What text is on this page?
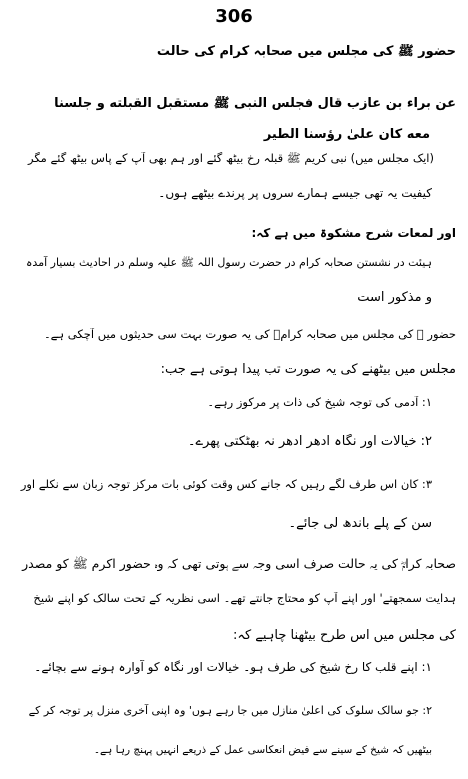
306
حضور ﷺ کی مجلس میں صحابہ کرام کی حالت
عن براء بن عازب قال فجلس النبی ﷺ مستقبل القبلته و جلسنا
معه کان علیٰ رؤسنا الطیر
(ایک مجلس میں) نبی کریم ﷺ قبلہ رخ بیٹھ گئے اور ہم بھی آپ کے پاس بیٹھ گئے مگر
کیفیت یہ تھی جیسے ہمارے سروں پر پرندے بیٹھے ہوں۔
اور لمعات شرح مشکوۃ میں ہے کہ:
ہیئت در نشستن صحابہ کرام در حضرت رسول اللہ ﷺ علیہ وسلم در احادیث بسیار آمدہ
و مذکور است
حضور ﷺ کی مجلس میں صحابہ کرامؓ کی یہ صورت بہت سی حدیثوں میں آچکی ہے۔
مجلس میں بیٹھنے کی یہ صورت تب پیدا ہوتی ہے جب:
۱: آدمی کی توجہ شیخ کی ذات پر مرکوز رہے۔
۲: خیالات اور نگاہ ادھر ادھر نہ بھٹکتی پھرے۔
۳: کان اس طرف لگے رہیں کہ جانے کس وقت کوئی بات مرکز توجہ زبان سے نکلے اور
سن کے پلے باندھ لی جائے۔
صحابہ کرامؓ کی یہ حالت صرف اسی وجہ سے ہوتی تھی کہ وہ حضور اکرم ﷺ کو مصدر
ہدایت سمجھتے' اور اپنے آپ کو محتاج جانتے تھے۔ اسی نظریہ کے تحت سالک کو اپنے شیخ
کی مجلس میں اس طرح بیٹھنا چاہیے کہ:
۱: اپنے قلب کا رخ شیخ کی طرف ہو۔ خیالات اور نگاہ کو آوارہ ہونے سے بچائے۔
۲: جو سالک سلوک کی اعلیٰ منازل میں جا رہے ہوں' وہ اپنی آخری منزل پر توجہ کر کے
بیٹھیں کہ شیخ کے سینے سے فیض انعکاسی عمل کے ذریعے انہیں پہنچ رہا ہے۔
